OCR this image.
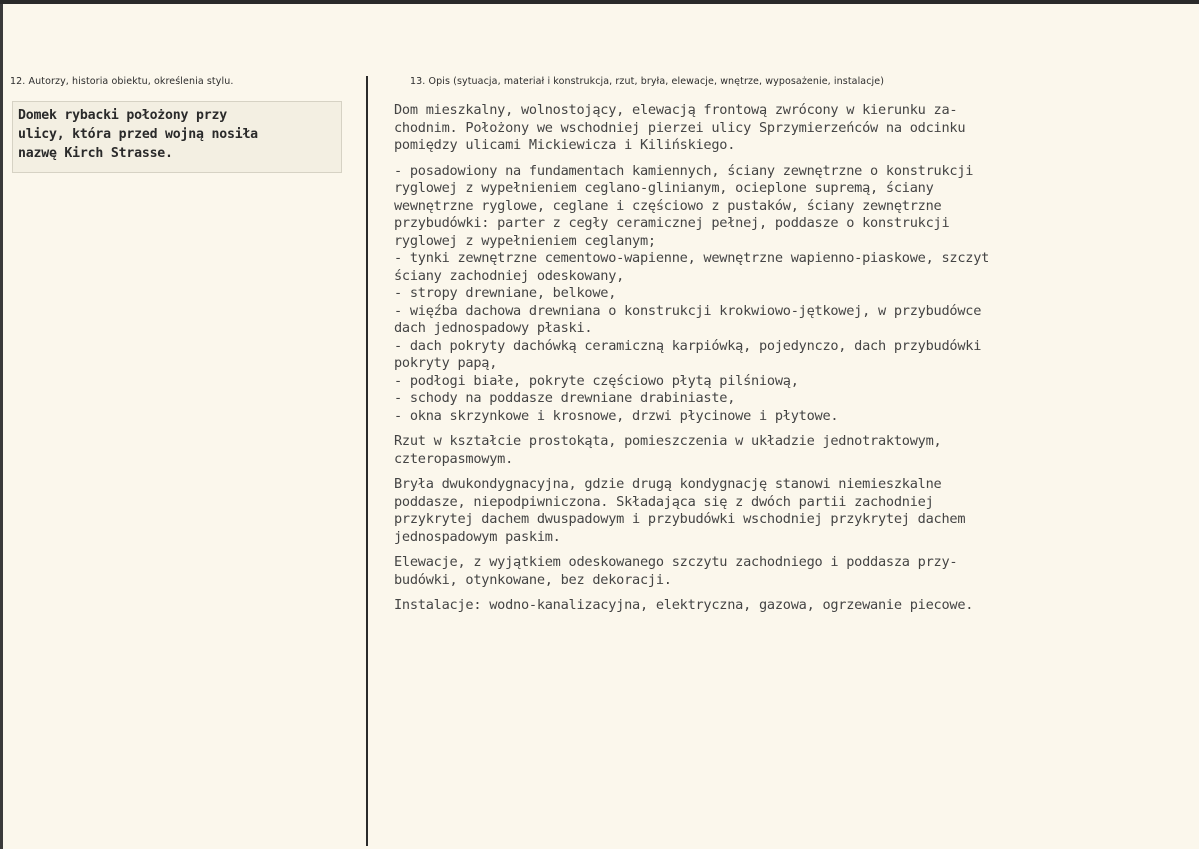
12. Autorzy, historia obiektu, określenia stylu.	13. Opis (sytuacja, materiał i konstrukcja, rzut, bryła, elewacje, wnętrze, wyposażenie, instalacje)
Domek rybacki położony przy
ulicy, która przed wojną nosiła
nazwę Kirch Strasse.
Dom mieszkalny, wolnostojący, elewacją frontową zwrócony w kierunku za-
chodnim. Położony we wschodniej pierzei ulicy Sprzymierzeńców na odcinku
pomiędzy ulicami Mickiewicza i Kilińskiego.
- posadowiony na fundamentach kamiennych, ściany zewnętrzne o konstrukcji
ryglowej z wypełnieniem ceglano-glinianym, ocieplone supremą, ściany
wewnętrzne ryglowe, ceglane i częściowo z pustaków, ściany zewnętrzne
przybudówki: parter z cegły ceramicznej pełnej, poddasze o konstrukcji
ryglowej z wypełnieniem ceglanym;
- tynki zewnętrzne cementowo-wapienne, wewnętrzne wapienno-piaskowe, szczyt
ściany zachodniej odeskowany,
- stropy drewniane, belkowe,
- więźba dachowa drewniana o konstrukcji krokwiowo-jętkowej, w przybudówce
dach jednospadowy płaski.
- dach pokryty dachówką ceramiczną karpiówką, pojedynczo, dach przybudówki
pokryty papą,
- podłogi białe, pokryte częściowo płytą pilśniową,
- schody na poddasze drewniane drabiniaste,
- okna skrzynkowe i krosnowe, drzwi płycinowe i płytowe.
Rzut w kształcie prostokąta, pomieszczenia w układzie jednotraktowym,
czteropasmowym.
Bryła dwukondygnacyjna, gdzie drugą kondygnację stanowi niemieszkalne
poddasze, niepodpiwniczona. Składająca się z dwóch partii zachodniej
przykrytej dachem dwuspadowym i przybudówki wschodniej przykrytej dachem
jednospadowym paskim.
Elewacje, z wyjątkiem odeskowanego szczytu zachodniego i poddasza przy-
budówki, otynkowane, bez dekoracji.
Instalacje: wodno-kanalizacyjna, elektryczna, gazowa, ogrzewanie piecowe.
